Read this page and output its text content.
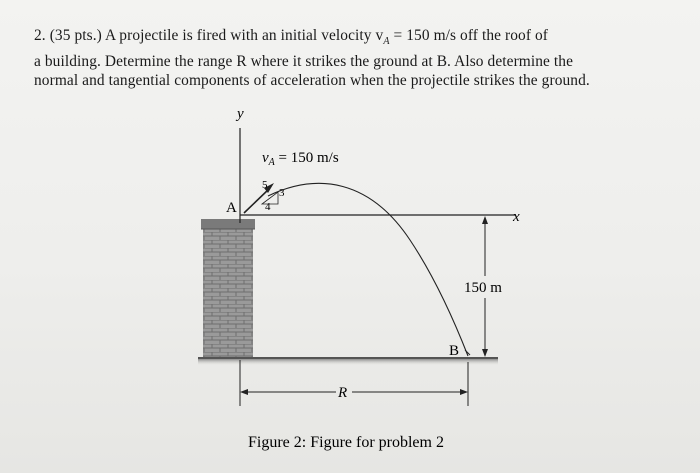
2. (35 pts.) A projectile is fired with an initial velocity $v_A = 150$ m/s off the roof of

a building. Determine the range R where it strikes the ground at B. Also determine the

normal and tangential components of acceleration when the projectile strikes the ground.

y
x
A
5
3
4
$v_A = 150$ m/s
B
150 m
R
Figure 2: Figure for problem 2
